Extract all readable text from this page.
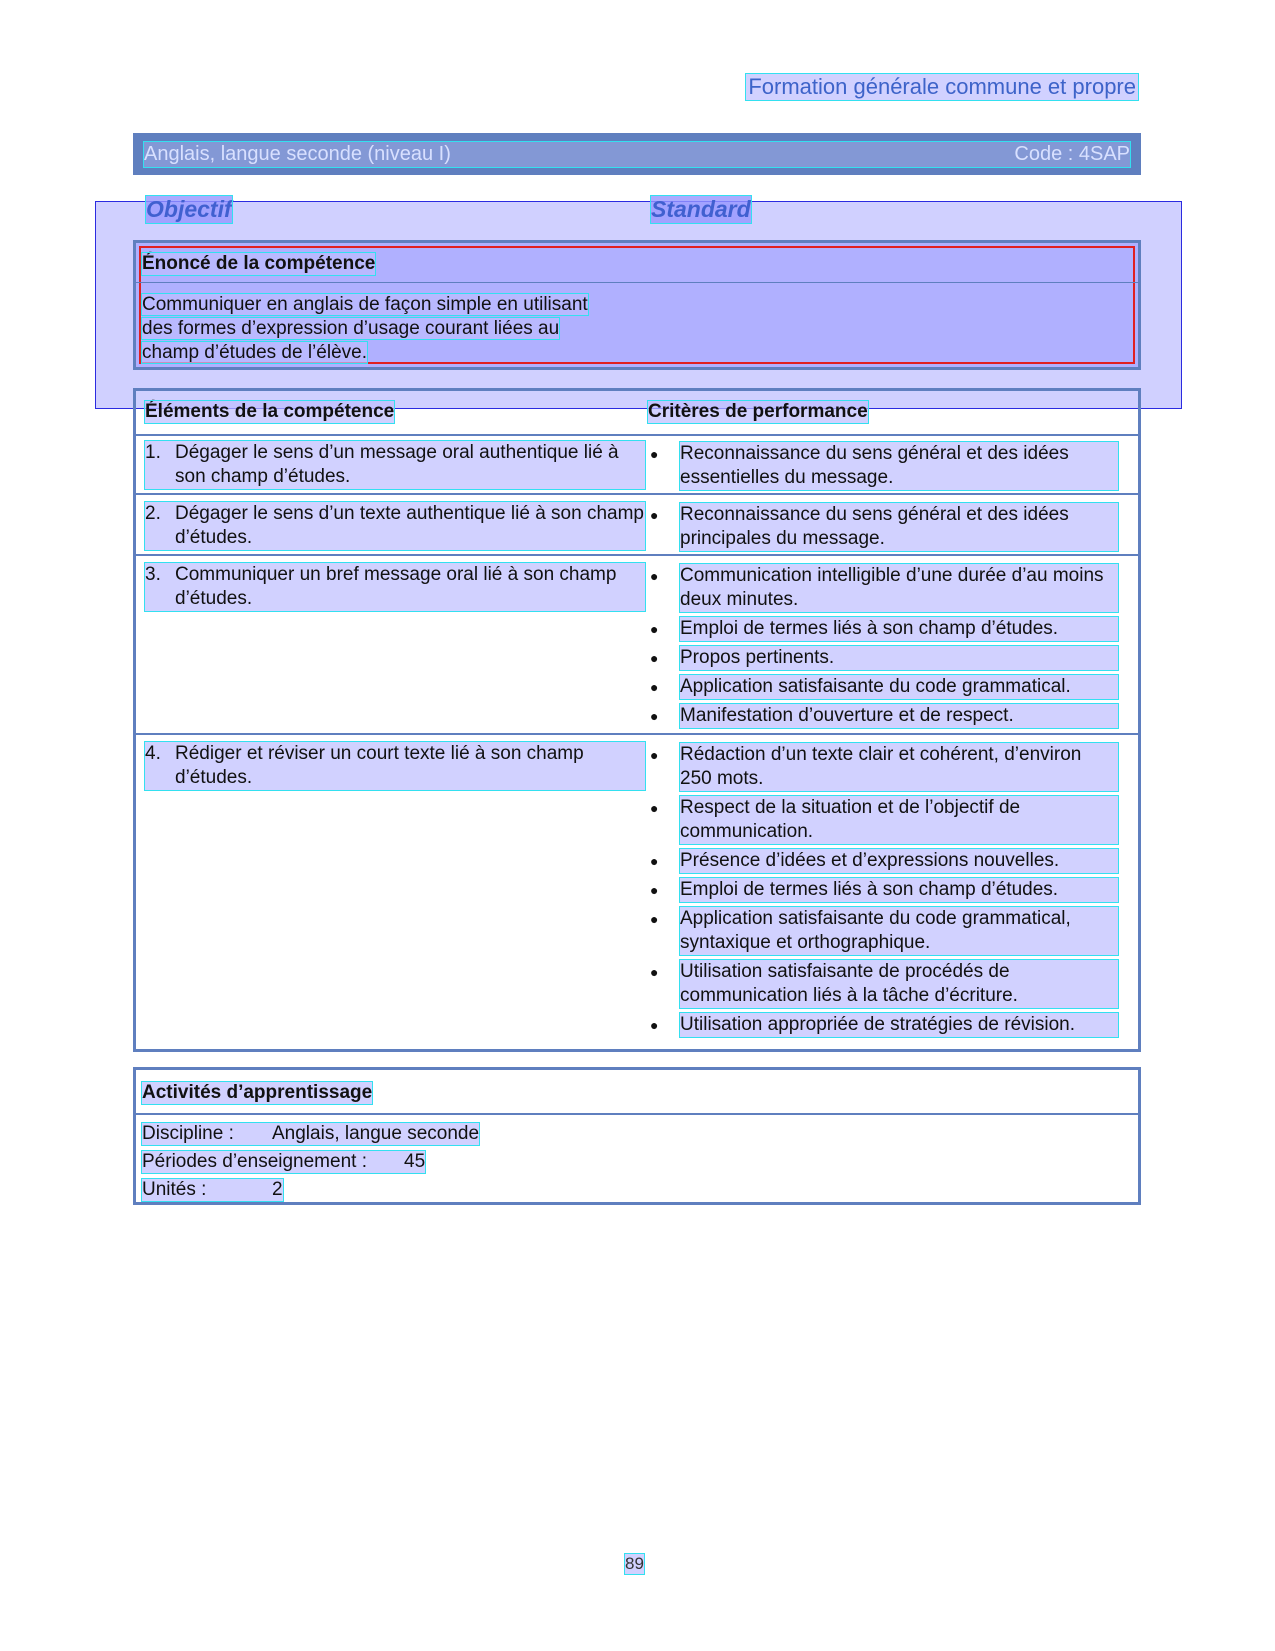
Formation générale commune et propre
Anglais, langue seconde (niveau I)	Code : 4SAP
Objectif	Standard
Énoncé de la compétence
Communiquer en anglais de façon simple en utilisant des formes d’expression d’usage courant liées au champ d’études de l’élève.
Éléments de la compétence	Critères de performance
1. Dégager le sens d’un message oral authentique lié à son champ d’études.
●	Reconnaissance du sens général et des idées essentielles du message.
2. Dégager le sens d’un texte authentique lié à son champ d’études.
●	Reconnaissance du sens général et des idées principales du message.
3. Communiquer un bref message oral lié à son champ d’études.
●	Communication intelligible d’une durée d’au moins deux minutes.
●	Emploi de termes liés à son champ d’études.
●	Propos pertinents.
●	Application satisfaisante du code grammatical.
●	Manifestation d’ouverture et de respect.
4. Rédiger et réviser un court texte lié à son champ d’études.
●	Rédaction d’un texte clair et cohérent, d’environ 250 mots.
●	Respect de la situation et de l’objectif de communication.
●	Présence d’idées et d’expressions nouvelles.
●	Emploi de termes liés à son champ d’études.
●	Application satisfaisante du code grammatical, syntaxique et orthographique.
●	Utilisation satisfaisante de procédés de communication liés à la tâche d’écriture.
●	Utilisation appropriée de stratégies de révision.
Activités d’apprentissage
Discipline :	Anglais, langue seconde
Périodes d’enseignement :	45
Unités :	2
89
